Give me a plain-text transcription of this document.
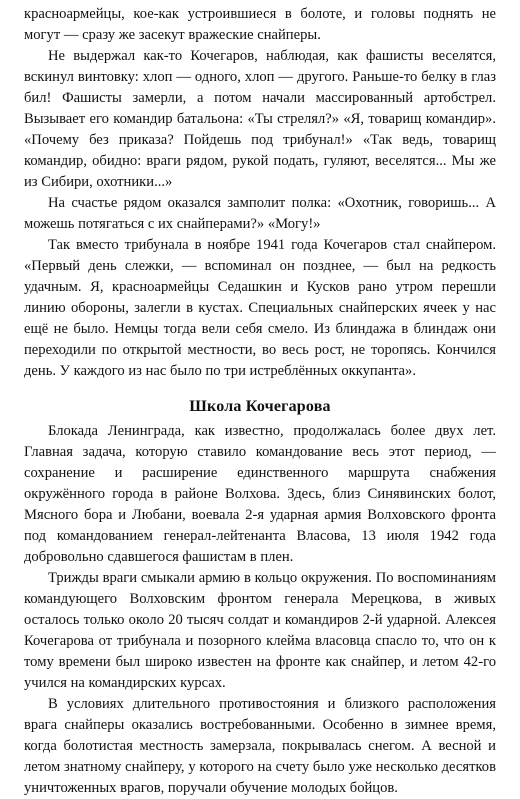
красноармейцы, кое-как устроившиеся в болоте, и головы поднять не могут — сразу же засекут вражеские снайперы.

Не выдержал как-то Кочегаров, наблюдая, как фашисты веселятся, вскинул винтовку: хлоп — одного, хлоп — другого. Раньше-то белку в глаз бил! Фашисты замерли, а потом начали массированный артобстрел. Вызывает его командир батальона: «Ты стрелял?» «Я, товарищ командир». «Почему без приказа? Пойдешь под трибунал!» «Так ведь, товарищ командир, обидно: враги рядом, рукой подать, гуляют, веселятся... Мы же из Сибири, охотники...»

На счастье рядом оказался замполит полка: «Охотник, говоришь... А можешь потягаться с их снайперами?» «Могу!»

Так вместо трибунала в ноябре 1941 года Кочегаров стал снайпером. «Первый день слежки, — вспоминал он позднее, — был на редкость удачным. Я, красноармейцы Седашкин и Кусков рано утром перешли линию обороны, залегли в кустах. Специальных снайперских ячеек у нас ещё не было. Немцы тогда вели себя смело. Из блиндажа в блиндаж они переходили по открытой местности, во весь рост, не торопясь. Кончился день. У каждого из нас было по три истреблённых оккупанта».

Школа Кочегарова

Блокада Ленинграда, как известно, продолжалась более двух лет. Главная задача, которую ставило командование весь этот период, — сохранение и расширение единственного маршрута снабжения окружённого города в районе Волхова. Здесь, близ Синявинских болот, Мясного бора и Любани, воевала 2-я ударная армия Волховского фронта под командованием генерал-лейтенанта Власова, 13 июля 1942 года добровольно сдавшегося фашистам в плен.

Трижды враги смыкали армию в кольцо окружения. По воспоминаниям командующего Волховским фронтом генерала Мерецкова, в живых осталось только около 20 тысяч солдат и командиров 2-й ударной. Алексея Кочегарова от трибунала и позорного клейма власовца спасло то, что он к тому времени был широко известен на фронте как снайпер, и летом 42-го учился на командирских курсах.

В условиях длительного противостояния и близкого расположения врага снайперы оказались востребованными. Особенно в зимнее время, когда болотистая местность замерзала, покрывалась снегом. А весной и летом знатному снайперу, у которого на счету было уже несколько десятков уничтоженных врагов, поручали обучение молодых бойцов.
